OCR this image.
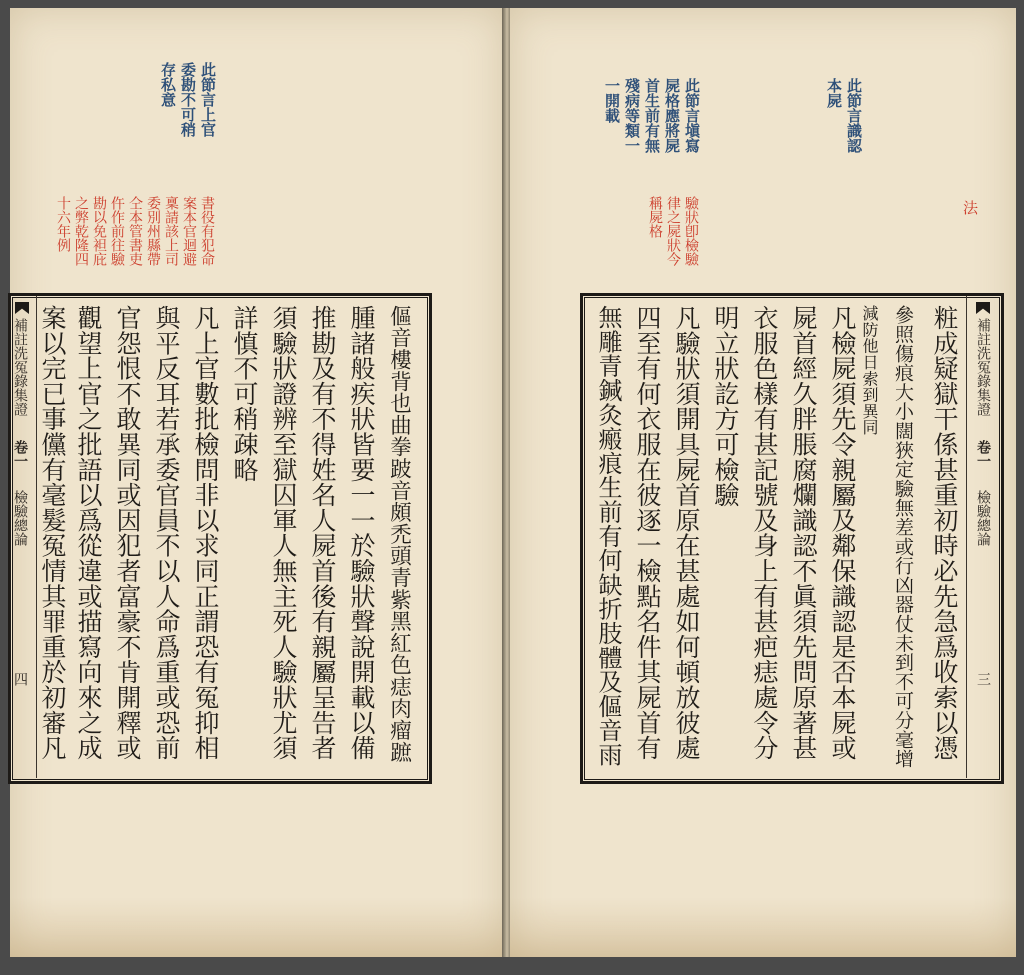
此節言上官
委勘不可稍
存私意
書役有犯命
案本官迴避
稟請該上司
委別州縣帶
仝本管書吏
仵作前往驗
勘以免袒庇
之弊乾隆四
十六年例
補註洗冤錄集證
卷一
檢驗總論
四	傴音樓背也曲拳跛音頗禿頭青紫黑紅色痣肉瘤蹠
腫諸般疾狀皆要一一於驗狀聲說開載以備
推勘及有不得姓名人屍首後有親屬呈告者
須驗狀證辨至獄囚軍人無主死人驗狀尤須
詳慎不可稍疎略
凡上官數批檢問非以求同正謂恐有冤抑相
與平反耳若承委官員不以人命爲重或恐前
官怨恨不敢異同或因犯者富豪不肯開釋或
觀望上官之批語以爲從違或描寫向來之成
案以完已事儻有毫髮冤情其罪重於初審凡
此節言識認
本屍
此節言塡寫
屍格應將屍
首生前有無
殘病等類一
一開載
驗狀卽檢驗
律之屍狀今
稱屍格	法
補註洗冤錄集證
卷一
檢驗總論
三
粧成疑獄干係甚重初時必先急爲收索以憑
參照傷痕大小闊狹定驗無差或行凶器仗未到不可分毫增
減防他日索到異同
凡檢屍須先令親屬及鄰保識認是否本屍或
屍首經久胖脹腐爛識認不眞須先問原著甚
衣服色樣有甚記號及身上有甚疤痣處令分
明立狀訖方可檢驗
凡驗狀須開具屍首原在甚處如何頓放彼處
四至有何衣服在彼逐一檢點名件其屍首有
無雕青鍼灸瘢痕生前有何缺折肢體及傴音雨
